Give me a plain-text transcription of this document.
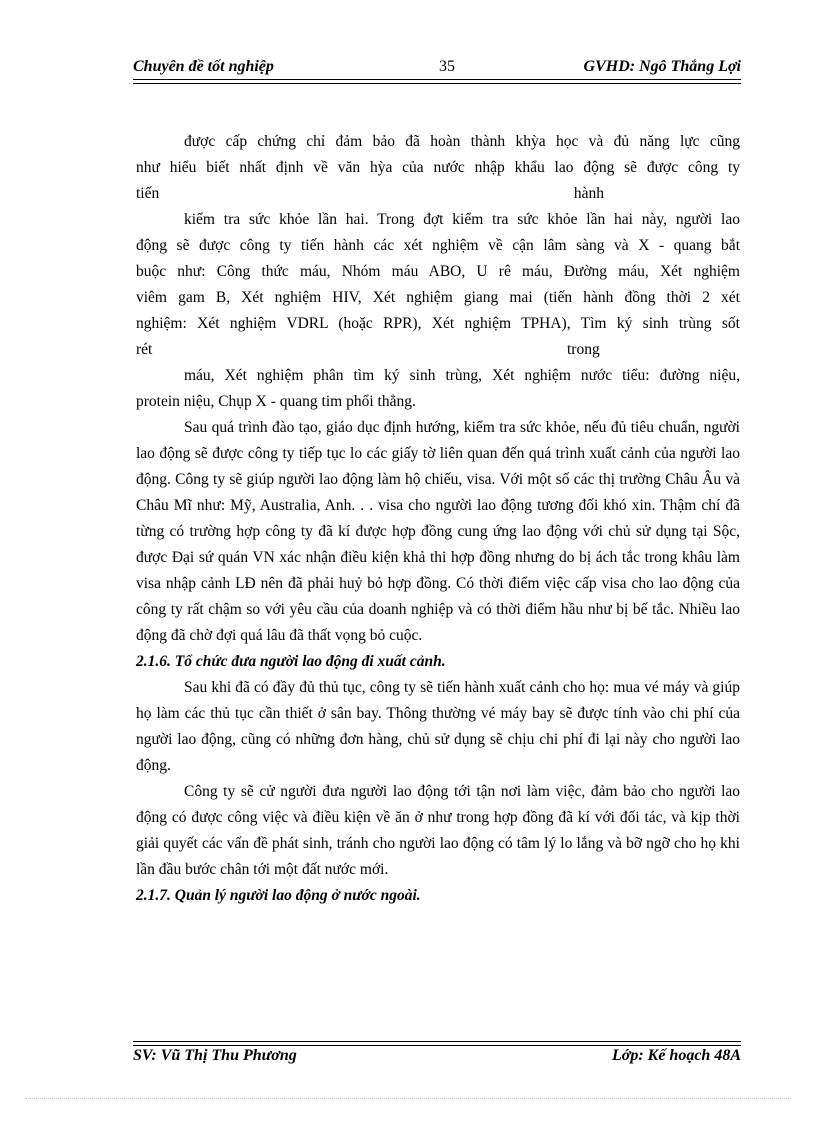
Chuyên đề tốt nghiệp	35	GVHD: Ngô Thắng Lợi
được cấp chứng chỉ đảm bảo đã hoàn thành khỳa học và đủ năng lực cũng
như hiểu biết nhất định về văn hỳa của nước nhập khẩu lao động sẽ được công ty
tiến                                                                                                           hành
kiểm tra sức khỏe lần hai. Trong đợt kiểm tra sức khỏe lần hai này, người lao
động sẽ được công ty tiến hành các xét nghiệm về cận lâm sàng và X - quang bắt
buộc như: Công thức máu, Nhóm máu ABO, U rê máu, Đường máu, Xét nghiệm
viêm gam B, Xét nghiệm HIV, Xét nghiệm giang mai (tiến hành đồng thời 2 xét
nghiệm: Xét nghiệm VDRL (hoặc RPR), Xét nghiệm TPHA), Tìm ký sinh trùng sốt
rét                                                                                                           trong
máu, Xét nghiệm phân tìm ký sinh trùng, Xét nghiệm nước tiểu: đường niệu,
protein niệu, Chụp X - quang tim phổi thẳng.

Sau quá trình đào tạo, giáo dục định hướng, kiểm tra sức khỏe, nếu đủ tiêu chuẩn, người lao động sẽ được công ty tiếp tục lo các giấy tờ liên quan đến quá trình xuất cảnh của người lao động. Công ty sẽ giúp người lao động làm hộ chiếu, visa. Với một số các thị trường Châu Âu và Châu Mĩ như: Mỹ, Australia, Anh. . . visa cho người lao động tương đối khó xin. Thậm chí đã từng có trường hợp công ty đã kí được hợp đồng cung ứng lao động với chủ sử dụng tại Sộc, được Đại sứ quán VN xác nhận điều kiện khả thi hợp đồng nhưng do bị ách tắc trong khâu làm visa nhập cảnh LĐ nên đã phải huỷ bỏ hợp đồng. Có thời điểm việc cấp visa cho lao động của công ty rất chậm so với yêu cầu của doanh nghiệp và có thời điểm hầu như bị bế tắc. Nhiều lao động đã chờ đợi quá lâu đã thất vọng bỏ cuộc.

2.1.6. Tổ chức đưa người lao động đi xuất cảnh.

Sau khi đã có đầy đủ thủ tục, công ty sẽ tiến hành xuất cảnh cho họ: mua vé máy và giúp họ làm các thủ tục cần thiết ở sân bay. Thông thường vé máy bay sẽ được tính vào chi phí của người lao động, cũng có những đơn hàng, chủ sử dụng sẽ chịu chi phí đi lại này cho người lao động.

Công ty sẽ cử người đưa người lao động tới tận nơi làm việc, đảm bảo cho người lao động có được công việc và điều kiện về ăn ở như trong hợp đồng đã kí với đối tác, và kịp thời giải quyết các vấn đề phát sinh, tránh cho người lao động có tâm lý lo lắng và bỡ ngỡ cho họ khi lần đầu bước chân tới một đất nước mới.

2.1.7. Quản lý người lao động ở nước ngoài.

SV: Vũ Thị Thu Phương	Lớp: Kế hoạch 48A
